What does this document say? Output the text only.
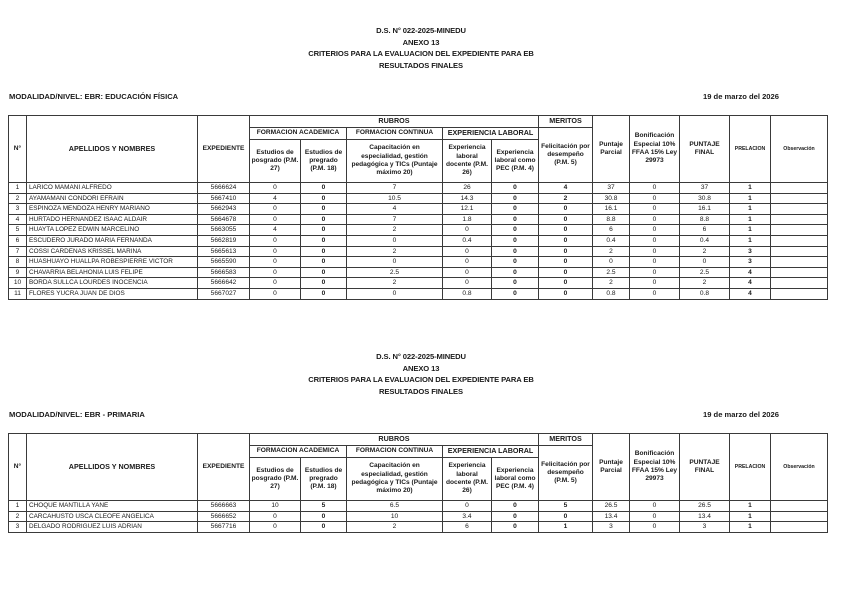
D.S. N° 022-2025-MINEDU
ANEXO 13
CRITERIOS PARA LA EVALUACION DEL EXPEDIENTE PARA EB
RESULTADOS FINALES
MODALIDAD/NIVEL: EBR: EDUCACIÓN FÍSICA	19 de marzo del 2026
N°	APELLIDOS Y NOMBRES	EXPEDIENTE	RUBROS					MERITOS	Puntaje Parcial	Bonificación Especial 10% FFAA 15% Ley 29973	PUNTAJE FINAL	PRELACION	Observación
			FORMACION ACADEMICA		FORMACION CONTINUA	EXPERIENCIA LABORAL		Felicitación por desempeño (P.M. 5)					
			Estudios de posgrado (P.M. 27)	Estudios de pregrado (P.M. 18)	Capacitación en especialidad, gestión pedagógica y TICs (Puntaje máximo 20)	Experiencia laboral docente (P.M. 26)	Experiencia laboral como PEC (P.M. 4)						
1	LARICO MAMANI ALFREDO	5666624	0	0	7	26	0	4	37	0	37	1	
2	AYAMAMANI CONDORI EFRAIN	5667410	4	0	10.5	14.3	0	2	30.8	0	30.8	1	
3	ESPINOZA MENDOZA HENRY MARIANO	5662943	0	0	4	12.1	0	0	16.1	0	16.1	1	
4	HURTADO HERNANDEZ ISAAC ALDAIR	5664678	0	0	7	1.8	0	0	8.8	0	8.8	1	
5	HUAYTA LOPEZ EDWIN MARCELINO	5663055	4	0	2	0	0	0	6	0	6	1	
6	ESCUDERO JURADO MARIA FERNANDA	5662819	0	0	0	0.4	0	0	0.4	0	0.4	1	
7	COSSI CARDENAS KRISSEL MARINA	5665613	0	0	2	0	0	0	2	0	2	3	
8	HUASHUAYO HUALLPA ROBESPIERRE VICTOR	5665590	0	0	0	0	0	0	0	0	0	3	
9	CHAVARRIA BELAHONIA LUIS FELIPE	5666583	0	0	2.5	0	0	0	2.5	0	2.5	4	
10	BORDA SULLCA LOURDES INOCENCIA	5666642	0	0	2	0	0	0	2	0	2	4	
11	FLORES YUCRA JUAN DE DIOS	5667027	0	0	0	0.8	0	0	0.8	0	0.8	4	
D.S. N° 022-2025-MINEDU
ANEXO 13
CRITERIOS PARA LA EVALUACION DEL EXPEDIENTE PARA EB
RESULTADOS FINALES
MODALIDAD/NIVEL: EBR - PRIMARIA	19 de marzo del 2026
N°	APELLIDOS Y NOMBRES	EXPEDIENTE	RUBROS					MERITOS	Puntaje Parcial	Bonificación Especial 10% FFAA 15% Ley 29973	PUNTAJE FINAL	PRELACION	Observación
			FORMACION ACADEMICA		FORMACION CONTINUA	EXPERIENCIA LABORAL		Felicitación por desempeño (P.M. 5)					
			Estudios de posgrado (P.M. 27)	Estudios de pregrado (P.M. 18)	Capacitación en especialidad, gestión pedagógica y TICs (Puntaje máximo 20)	Experiencia laboral docente (P.M. 26)	Experiencia laboral como PEC (P.M. 4)						
1	CHOQUE MANTILLA YANE	5666663	10	5	6.5	0	0	5	26.5	0	26.5	1	
2	CARCAHUSTO USCA CLEOFE ANGELICA	5666652	0	0	10	3.4	0	0	13.4	0	13.4	1	
3	DELGADO RODRIGUEZ LUIS ADRIAN	5667716	0	0	2	6	0	1	3	0	3	1	
